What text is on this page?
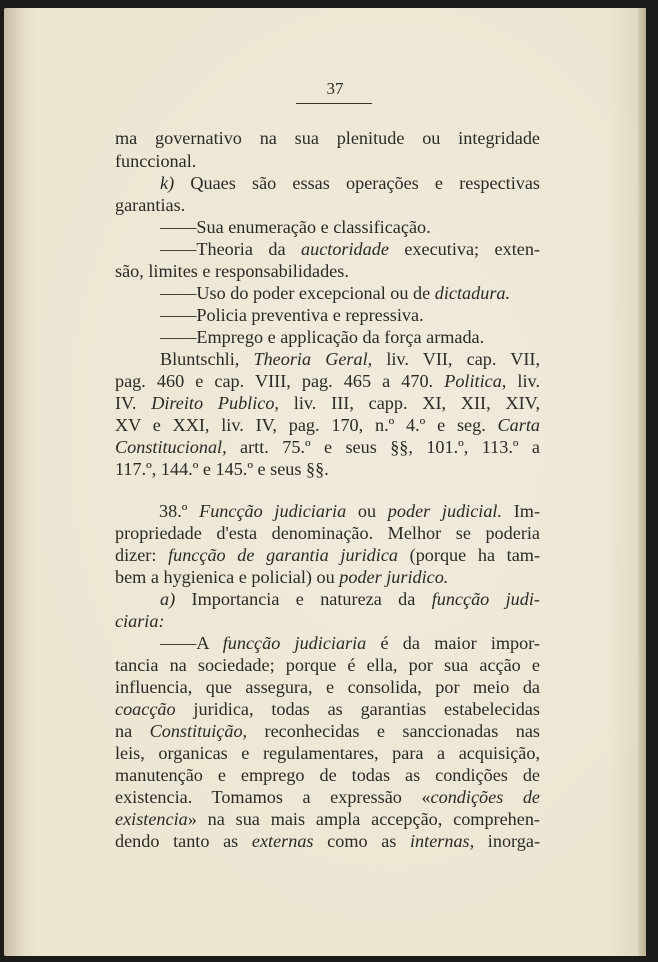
37
ma governativo na sua plenitude ou integridade
funccional.
k) Quaes são essas operações e respectivas
garantias.
——Sua enumeração e classificação.
——Theoria da auctoridade executiva; exten-
são, limites e responsabilidades.
——Uso do poder excepcional ou de dictadura.
——Policia preventiva e repressiva.
——Emprego e applicação da força armada.
Bluntschli, Theoria Geral, liv. VII, cap. VII,
pag. 460 e cap. VIII, pag. 465 a 470. Politica, liv.
IV. Direito Publico, liv. III, capp. XI, XII, XIV,
XV e XXI, liv. IV, pag. 170, n.º 4.º e seg. Carta
Constitucional, artt. 75.º e seus §§, 101.º, 113.º a
117.º, 144.º e 145.º e seus §§.
38.º Funcção judiciaria ou poder judicial. Im-
propriedade d'esta denominação. Melhor se poderia
dizer: funcção de garantia juridica (porque ha tam-
bem a hygienica e policial) ou poder juridico.
a) Importancia e natureza da funcção judi-
ciaria:
——A funcção judiciaria é da maior impor-
tancia na sociedade; porque é ella, por sua acção e
influencia, que assegura, e consolida, por meio da
coacção juridica, todas as garantias estabelecidas
na Constituição, reconhecidas e sanccionadas nas
leis, organicas e regulamentares, para a acquisição,
manutenção e emprego de todas as condições de
existencia. Tomamos a expressão «condições de
existencia» na sua mais ampla accepção, comprehen-
dendo tanto as externas como as internas, inorga-
